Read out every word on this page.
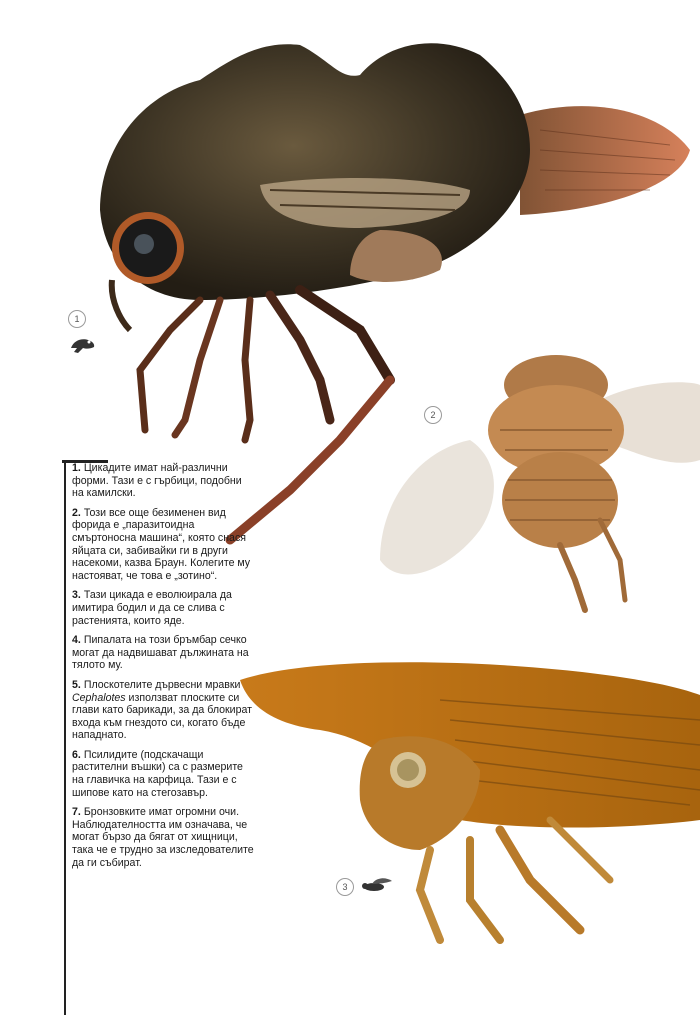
1
2
3

1. Цикадите имат най-различни форми. Тази е с гърбици, подобни на камилски.

2. Този все още безименен вид форида е „паразитоидна смъртоносна машина“, която снася яйцата си, забивайки ги в други насекоми, казва Браун. Колегите му настояват, че това е „зотино“.

3. Тази цикада е еволюирала да имитира бодил и да се слива с растенията, които яде.

4. Пипалата на този бръмбар сечко могат да надвишават дължината на тялото му.

5. Плоскотелите дървесни мравки Cephalotes използват плоските си глави като барикади, за да блокират входа към гнездото си, когато бъде нападнато.

6. Псилидите (подскачащи растителни въшки) са с размерите на главичка на карфица. Тази е с шипове като на стегозавър.

7. Бронзовките имат огромни очи. Наблюдателността им означава, че могат бързо да бягат от хищници, така че е трудно за изследователите да ги събират.
